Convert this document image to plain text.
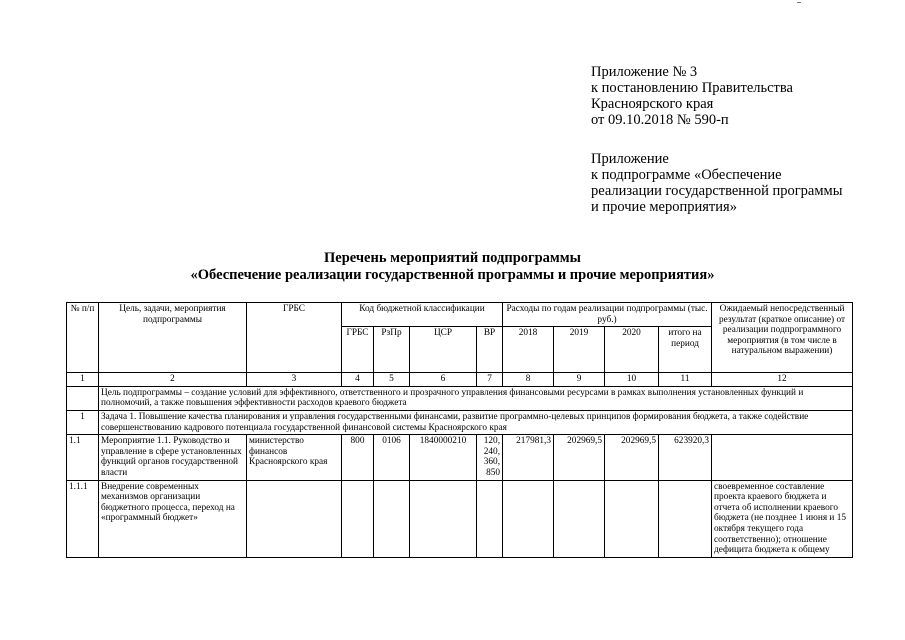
Приложение № 3
к постановлению Правительства
Красноярского края
от 09.10.2018 № 590-п
Приложение
к подпрограмме «Обеспечение
реализации государственной программы
и прочие мероприятия»
Перечень мероприятий подпрограммы
«Обеспечение реализации государственной программы и прочие мероприятия»
№ п/п	Цель, задачи, мероприятия подпрограммы	ГРБС	Код бюджетной классификации				Расходы по годам реализации подпрограммы (тыс. руб.)				Ожидаемый непосредственный результат (краткое описание) от реализации подпрограммного мероприятия (в том числе в натуральном выражении)
			ГРБС	РзПр	ЦСР	ВР	2018	2019	2020	итого на период	
1	2	3	4	5	6	7	8	9	10	11	12
	Цель подпрограммы – создание условий для эффективного, ответственного и прозрачного управления финансовыми ресурсами в рамках выполнения установленных функций и полномочий, а также повышения эффективности расходов краевого бюджета										
1	Задача 1. Повышение качества планирования и управления государственными финансами, развитие программно-целевых принципов формирования бюджета, а также содействие совершенствованию кадрового потенциала государственной финансовой системы Красноярского края										
1.1	Мероприятие 1.1. Руководство и управление в сфере установленных функций органов государственной власти	министерство финансов Красноярского края	800	0106	1840000210	120, 240, 360, 850	217981,3	202969,5	202969,5	623920,3	
1.1.1	Внедрение современных механизмов организации бюджетного процесса, переход на «программный бюджет»										своевременное составление проекта краевого бюджета и отчета об исполнении краевого бюджета (не позднее 1 июня и 15 октября текущего года соответственно); отношение дефицита бюджета к общему
